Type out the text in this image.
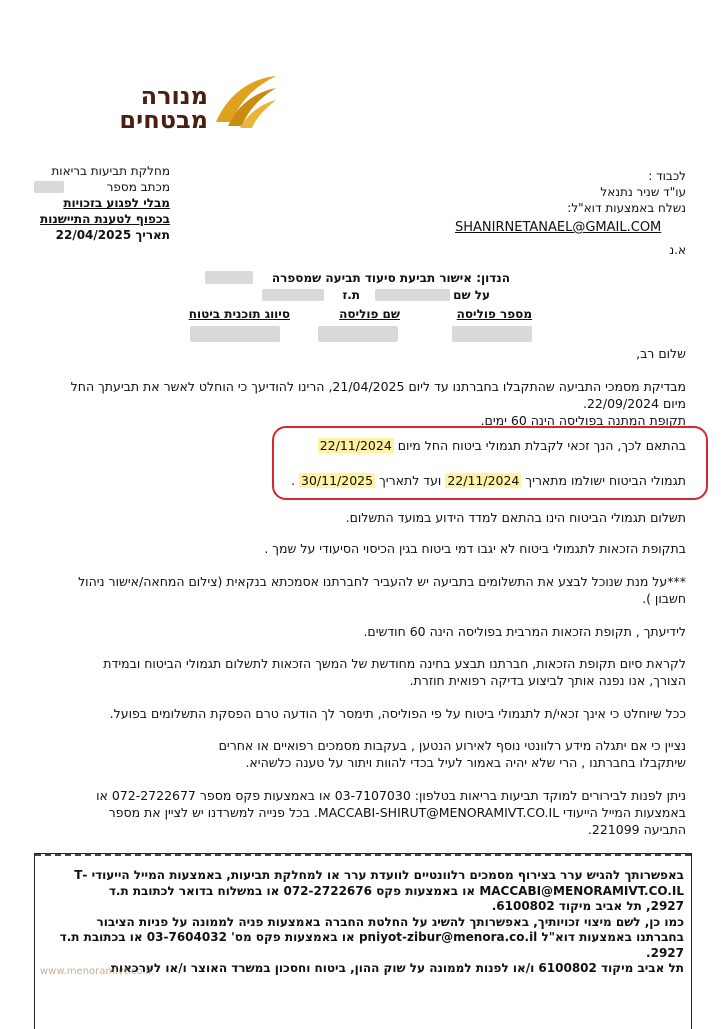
מנורה
מבטחים
מחלקת תביעות בריאות
מכתב מספר
מבלי לפגוע בזכויות
בכפוף לטענת התיישנות
תאריך 22/04/2025
לכבוד :
עו"ד שניר נתנאל
נשלח באמצעות דוא"ל:
SHANIRNETANAEL@GMAIL.COM
א.נ
הנדון: אישור תביעת סיעוד תביעה שמספרה
על שם
ת.ז
מספר פוליסה
שם פוליסה
סיווג תוכנית ביטוח
שלום רב,
מבדיקת מסמכי התביעה שהתקבלו בחברתנו עד ליום 21/04/2025, הרינו להודיעך כי הוחלט לאשר את תביעתך החל
מיום 22/09/2024.
תקופת המתנה בפוליסה הינה 60 ימים.
בהתאם לכך, הנך זכאי לקבלת תגמולי ביטוח החל מיום 22/11/2024
תגמולי הביטוח ישולמו מתאריך 22/11/2024 ועד לתאריך 30/11/2025 .
תשלום תגמולי הביטוח הינו בהתאם למדד הידוע במועד התשלום.
בתקופת הזכאות לתגמולי ביטוח לא יגבו דמי ביטוח בגין הכיסוי הסיעודי על שמך .
***על מנת שנוכל לבצע את התשלומים בתביעה יש להעביר לחברתנו אסמכתא בנקאית (צילום המחאה/אישור ניהול
חשבון ).
לידיעתך , תקופת הזכאות המרבית בפוליסה הינה 60 חודשים.
לקראת סיום תקופת הזכאות, חברתנו תבצע בחינה מחודשת של המשך הזכאות לתשלום תגמולי הביטוח ובמידת
הצורך, אנו נפנה אותך לביצוע בדיקה רפואית חוזרת.
ככל שיוחלט כי אינך זכאי/ת לתגמולי ביטוח על פי הפוליסה, תימסר לך הודעה טרם הפסקת התשלומים בפועל.
נציין כי אם יתגלה מידע רלוונטי נוסף לאירוע הנטען , בעקבות מסמכים רפואיים או אחרים
שיתקבלו בחברתנו , הרי שלא יהיה באמור לעיל בכדי להוות ויתור על טענה כלשהיא.
ניתן לפנות לבירורים למוקד תביעות בריאות בטלפון: 03-7107030 או באמצעות פקס מספר 072-2722677 או
באמצעות המייל הייעודי MACCABI-SHIRUT@MENORAMIVT.CO.IL. בכל פנייה למשרדנו יש לציין את מספר
התביעה 221099.
באפשרותך להגיש ערר בצירוף מסמכים רלוונטיים לוועדת ערר או למחלקת תביעות, באמצעות המייל הייעודי -T
MACCABI@MENORAMIVT.CO.IL או באמצעות פקס 072-2722676 או במשלוח בדואר לכתובת ת.ד
2927, תל אביב מיקוד 6100802.
כמו כן, לשם מיצוי זכויותיך, באפשרותך להשיג על החלטת החברה באמצעות פניה לממונה על פניות הציבור
בחברתנו באמצעות דוא"ל pniyot-zibur@menora.co.il או באמצעות פקס מס' 03-7604032 או בכתובת ת.ד
2927.
תל אביב מיקוד 6100802 ו/או לפנות לממונה על שוק ההון, ביטוח וחסכון במשרד האוצר ו/או לערכאות
www.menoramivt.co.il
